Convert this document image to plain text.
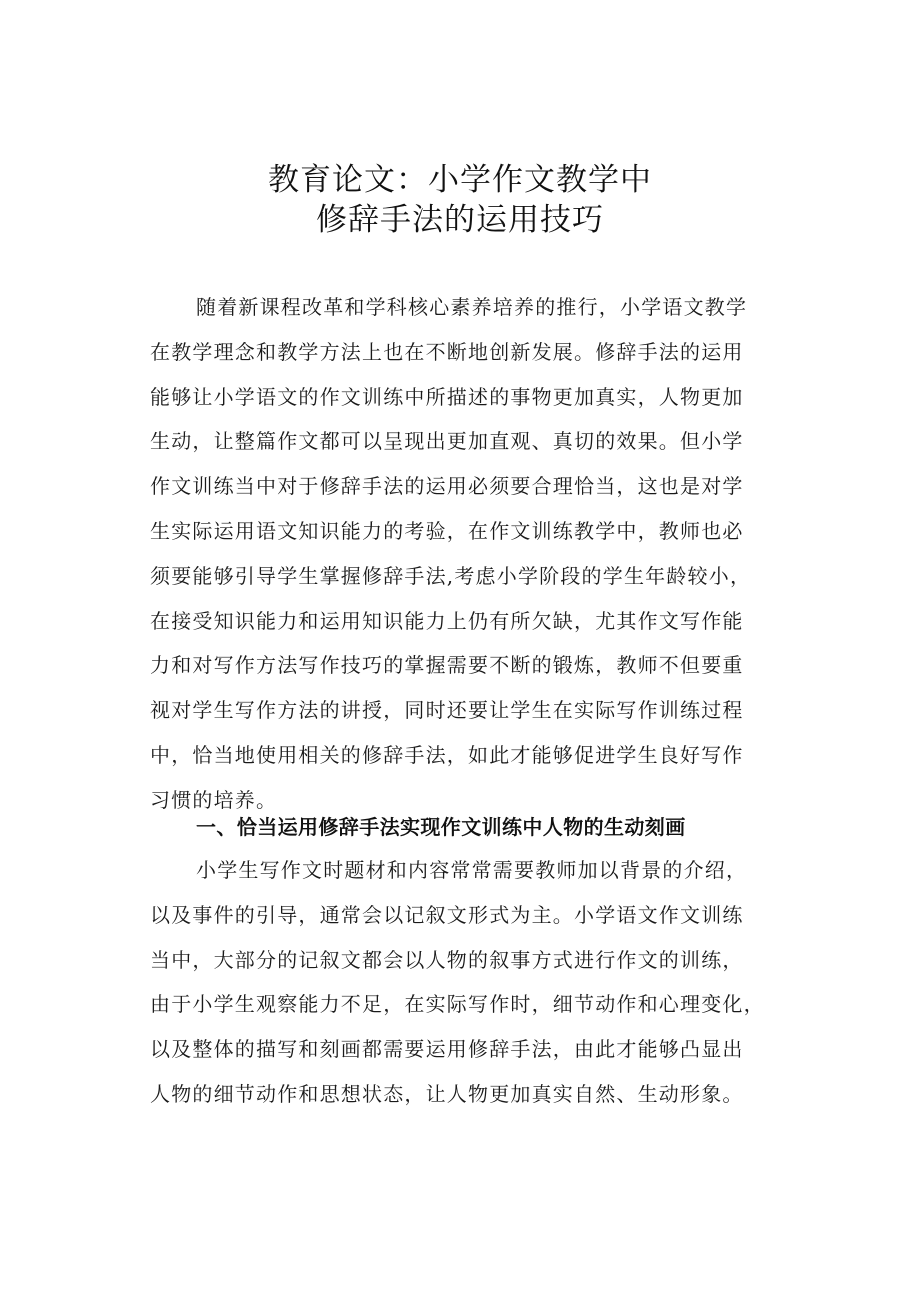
教育论文：小学作文教学中
修辞手法的运用技巧
随着新课程改革和学科核心素养培养的推行，小学语文教学
在教学理念和教学方法上也在不断地创新发展。修辞手法的运用
能够让小学语文的作文训练中所描述的事物更加真实，人物更加
生动，让整篇作文都可以呈现出更加直观、真切的效果。但小学
作文训练当中对于修辞手法的运用必须要合理恰当，这也是对学
生实际运用语文知识能力的考验，在作文训练教学中，教师也必
须要能够引导学生掌握修辞手法,考虑小学阶段的学生年龄较小，
在接受知识能力和运用知识能力上仍有所欠缺，尤其作文写作能
力和对写作方法写作技巧的掌握需要不断的锻炼，教师不但要重
视对学生写作方法的讲授，同时还要让学生在实际写作训练过程
中，恰当地使用相关的修辞手法，如此才能够促进学生良好写作
习惯的培养。
一、恰当运用修辞手法实现作文训练中人物的生动刻画
小学生写作文时题材和内容常常需要教师加以背景的介绍，
以及事件的引导，通常会以记叙文形式为主。小学语文作文训练
当中，大部分的记叙文都会以人物的叙事方式进行作文的训练，
由于小学生观察能力不足，在实际写作时，细节动作和心理变化，
以及整体的描写和刻画都需要运用修辞手法，由此才能够凸显出
人物的细节动作和思想状态，让人物更加真实自然、生动形象。
